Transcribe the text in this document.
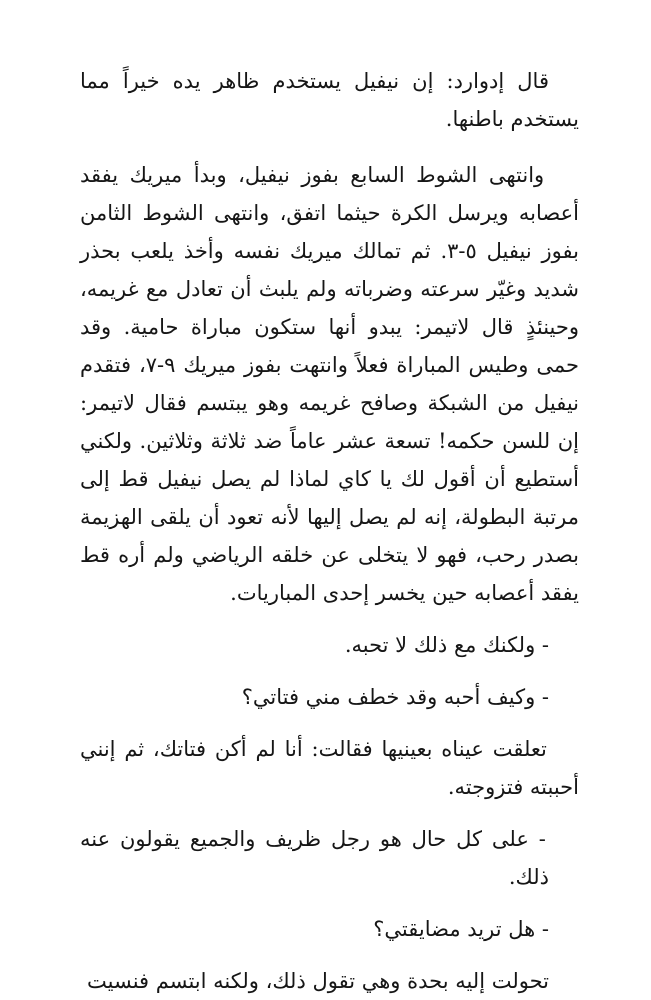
قال إدوارد: إن نيفيل يستخدم ظاهر يده خيراً مما يستخدم باطنها.

وانتهى الشوط السابع بفوز نيفيل، وبدأ ميريك يفقد أعصابه ويرسل الكرة حيثما اتفق، وانتهى الشوط الثامن بفوز نيفيل ٥-٣. ثم تمالك ميريك نفسه وأخذ يلعب بحذر شديد وغيّر سرعته وضرباته ولم يلبث أن تعادل مع غريمه، وحينئذٍ قال لاتيمر: يبدو أنها ستكون مباراة حامية. وقد حمى وطيس المباراة فعلاً وانتهت بفوز ميريك ٩-٧، فتقدم نيفيل من الشبكة وصافح غريمه وهو يبتسم فقال لاتيمر: إن للسن حكمه! تسعة عشر عاماً ضد ثلاثة وثلاثين. ولكني أستطيع أن أقول لك يا كاي لماذا لم يصل نيفيل قط إلى مرتبة البطولة، إنه لم يصل إليها لأنه تعود أن يلقى الهزيمة بصدر رحب، فهو لا يتخلى عن خلقه الرياضي ولم أره قط يفقد أعصابه حين يخسر إحدى المباريات.

- ولكنك مع ذلك لا تحبه.

- وكيف أحبه وقد خطف مني فتاتي؟

تعلقت عيناه بعينيها فقالت: أنا لم أكن فتاتك، ثم إنني أحببته فتزوجته.

- على كل حال هو رجل ظريف والجميع يقولون عنه ذلك.

- هل تريد مضايقتي؟

تحولت إليه بحدة وهي تقول ذلك، ولكنه ابتسم فنسيت
